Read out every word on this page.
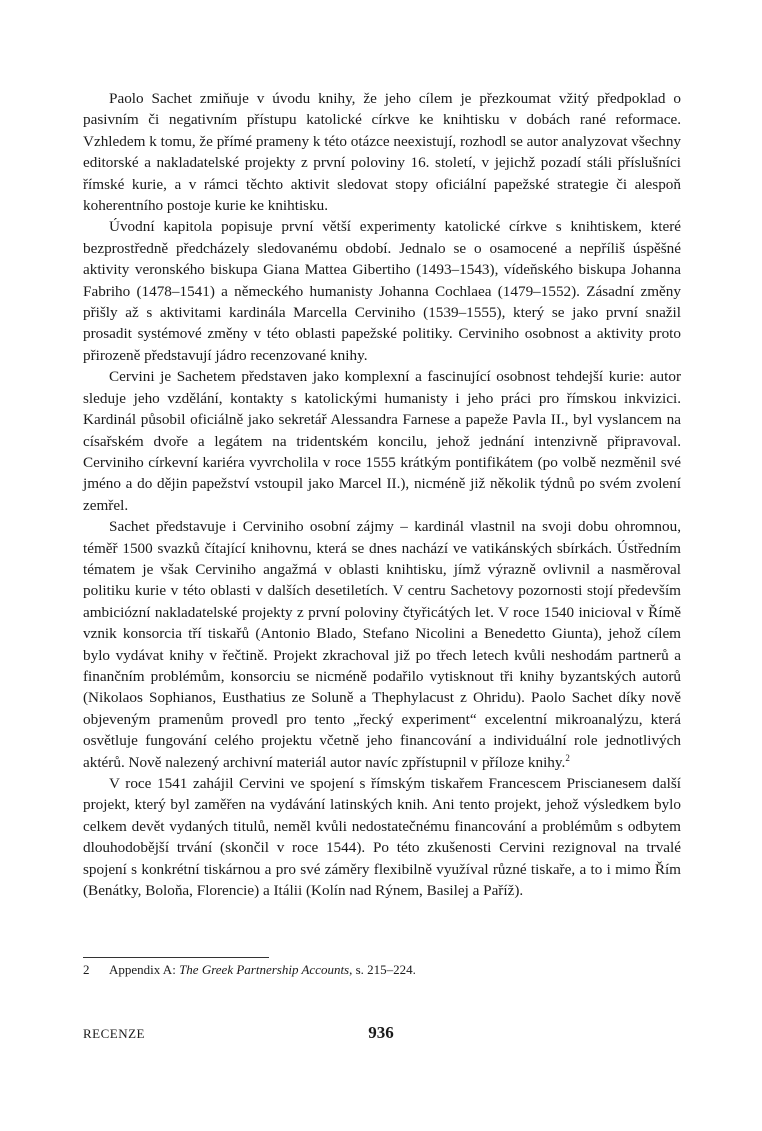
Paolo Sachet zmiňuje v úvodu knihy, že jeho cílem je přezkoumat vžitý předpoklad o pasivním či negativním přístupu katolické církve ke knihtisku v dobách rané reformace. Vzhledem k tomu, že přímé prameny k této otázce neexistují, rozhodl se autor analyzovat všechny editorské a nakladatelské projekty z první poloviny 16. století, v jejichž pozadí stáli příslušníci římské kurie, a v rámci těchto aktivit sledovat stopy oficiální papežské strategie či alespoň koherentního postoje kurie ke knihtisku.

Úvodní kapitola popisuje první větší experimenty katolické církve s knihtiskem, které bezprostředně předcházely sledovanému období. Jednalo se o osamocené a nepříliš úspěšné aktivity veronského biskupa Giana Mattea Gibertiho (1493–1543), vídeňského biskupa Johanna Fabriho (1478–1541) a německého humanisty Johanna Cochlaea (1479–1552). Zásadní změny přišly až s aktivitami kardinála Marcella Cerviniho (1539–1555), který se jako první snažil prosadit systémové změny v této oblasti papežské politiky. Cerviniho osobnost a aktivity proto přirozeně představují jádro recenzované knihy.

Cervini je Sachetem představen jako komplexní a fascinující osobnost tehdejší kurie: autor sleduje jeho vzdělání, kontakty s katolickými humanisty i jeho práci pro římskou inkvizici. Kardinál působil oficiálně jako sekretář Alessandra Farnese a papeže Pavla II., byl vyslancem na císařském dvoře a legátem na tridentském koncilu, jehož jednání intenzivně připravoval. Cerviniho církevní kariéra vyvrcholila v roce 1555 krátkým pontifikátem (po volbě nezměnil své jméno a do dějin papežství vstoupil jako Marcel II.), nicméně již několik týdnů po svém zvolení zemřel.

Sachet představuje i Cerviniho osobní zájmy – kardinál vlastnil na svoji dobu ohromnou, téměř 1500 svazků čítající knihovnu, která se dnes nachází ve vatikánských sbírkách. Ústředním tématem je však Cerviniho angažmá v oblasti knihtisku, jímž výrazně ovlivnil a nasměroval politiku kurie v této oblasti v dalších desetiletích. V centru Sachetovy pozornosti stojí především ambiciózní nakladatelské projekty z první poloviny čtyřicátých let. V roce 1540 inicioval v Římě vznik konsorcia tří tiskařů (Antonio Blado, Stefano Nicolini a Benedetto Giunta), jehož cílem bylo vydávat knihy v řečtině. Projekt zkrachoval již po třech letech kvůli neshodám partnerů a finančním problémům, konsorciu se nicméně podařilo vytisknout tři knihy byzantských autorů (Nikolaos Sophianos, Eusthatius ze Soluně a Thephylacust z Ohridu). Paolo Sachet díky nově objeveným pramenům provedl pro tento „řecký experiment“ excelentní mikroanalýzu, která osvětluje fungování celého projektu včetně jeho financování a individuální role jednotlivých aktérů. Nově nalezený archivní materiál autor navíc zpřístupnil v příloze knihy.$^2$

V roce 1541 zahájil Cervini ve spojení s římským tiskařem Francescem Priscianesem další projekt, který byl zaměřen na vydávání latinských knih. Ani tento projekt, jehož výsledkem bylo celkem devět vydaných titulů, neměl kvůli nedostatečnému financování a problémům s odbytem dlouhodobější trvání (skončil v roce 1544). Po této zkušenosti Cervini rezignoval na trvalé spojení s konkrétní tiskárnou a pro své záměry flexibilně využíval různé tiskaře, a to i mimo Řím (Benátky, Boloňa, Florencie) a Itálii (Kolín nad Rýnem, Basilej a Paříž).

2 Appendix A: The Greek Partnership Accounts, s. 215–224.
RECENZE	936
